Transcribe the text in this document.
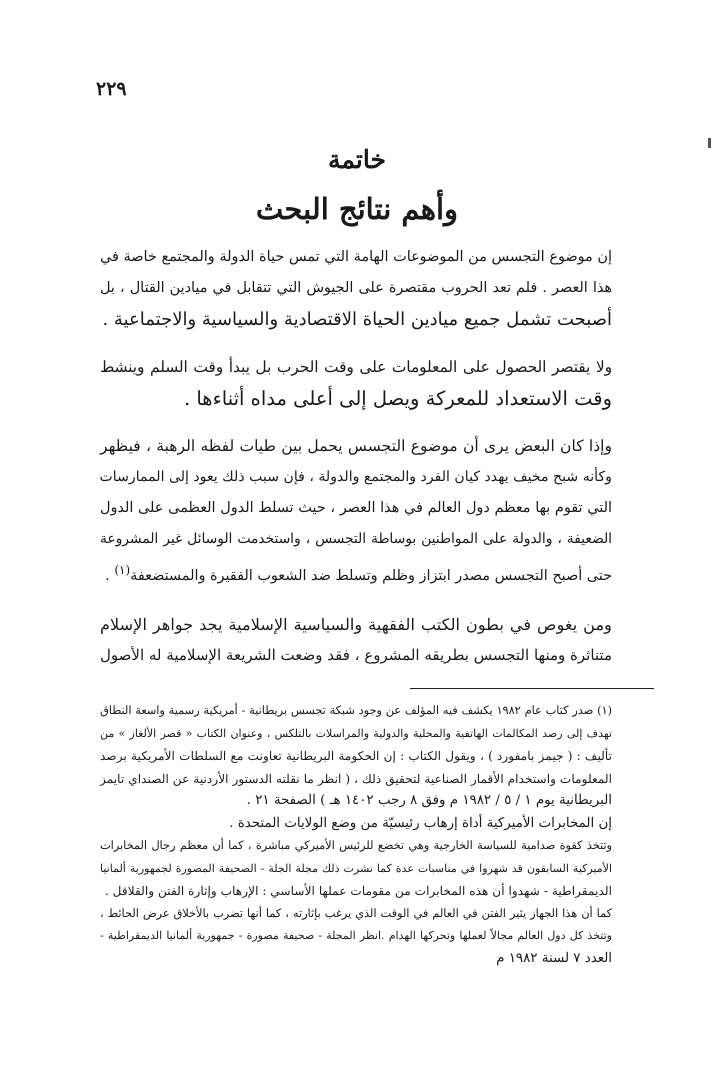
٢٢٩
خاتمة
وأهم نتائج البحث

إن موضوع التجسس من الموضوعات الهامة التي تمس حياة الدولة والمجتمع خاصة في
هذا العصر . فلم تعد الحروب مقتصرة على الجيوش التي تتقابل في ميادين القتال ، بل
أصبحت تشمل جميع ميادين الحياة الاقتصادية والسياسية والاجتماعية .

ولا يقتصر الحصول على المعلومات على وقت الحرب بل يبدأ وقت السلم وينشط
وقت الاستعداد للمعركة ويصل إلى أعلى مداه أثناءها .

وإذا كان البعض يرى أن موضوع التجسس يحمل بين طيات لفظه الرهبة ، فيظهر
وكأنه شبح مخيف يهدد كيان الفرد والمجتمع والدولة ، فإن سبب ذلك يعود إلى الممارسات
التي تقوم بها معظم دول العالم في هذا العصر ، حيث تسلط الدول العظمى على الدول
الضعيفة ، والدولة على المواطنين بوساطة التجسس ، واستخدمت الوسائل غير المشروعة
حتى أصبح التجسس مصدر ابتزاز وظلم وتسلط ضد الشعوب الفقيرة والمستضعفة$^{(١)}$ .

ومن يغوص في بطون الكتب الفقهية والسياسية الإسلامية يجد جواهر الإسلام
متناثرة ومنها التجسس بطريقه المشروع ، فقد وضعت الشريعة الإسلامية له الأصول

(١) صدر كتاب عام ١٩٨٢ يكشف فيه المؤلف عن وجود شبكة تجسس بريطانية - أمريكية رسمية واسعة النطاق
تهدف إلى رصد المكالمات الهاتفية والمحلية والدولية والمراسلات بالتلكس ، وعنوان الكتاب « قصر الألغاز » من
تأليف : ( جيمز بامفورد ) ، ويقول الكتاب : إن الحكومة البريطانية تعاونت مع السلطات الأمريكية برصد
المعلومات واستخدام الأقمار الصناعية لتحقيق ذلك ، ( انظر ما نقلته الدستور الأردنية عن الصنداي تايمز
البريطانية يوم ١ / ٥ / ١٩٨٢ م وفق ٨ رجب ١٤٠٢ هـ ) الصفحة ٢١ .
إن المخابرات الأميركية أداة إرهاب رئيسيّة من وضع الولايات المتحدة .
وتتخذ كقوة صدامية للسياسة الخارجية وهي تخضع للرئيس الأميركي مباشرة ، كما أن معظم رجال المخابرات
الأميركية السابقون قد شهروا في مناسبات عدة كما نشرت ذلك مجلة الجلة - الصحيفة المصورة لجمهورية ألمانيا
الديمقراطية - شهدوا أن هذه المخابرات من مقومات عملها الأساسي : الإرهاب وإثارة الفتن والقلاقل .
كما أن هذا الجهاز يثير الفتن في العالم في الوقت الذي يرغب بإثارته ، كما أنها تضرب بالأخلاق عرض الحائط ،
وتتخذ كل دول العالم مجالاً لعملها وتحركها الهدام .انظر المجلة - صحيفة مصورة - جمهورية ألمانيا الديمقراطية -
العدد ٧ لسنة ١٩٨٢ م
